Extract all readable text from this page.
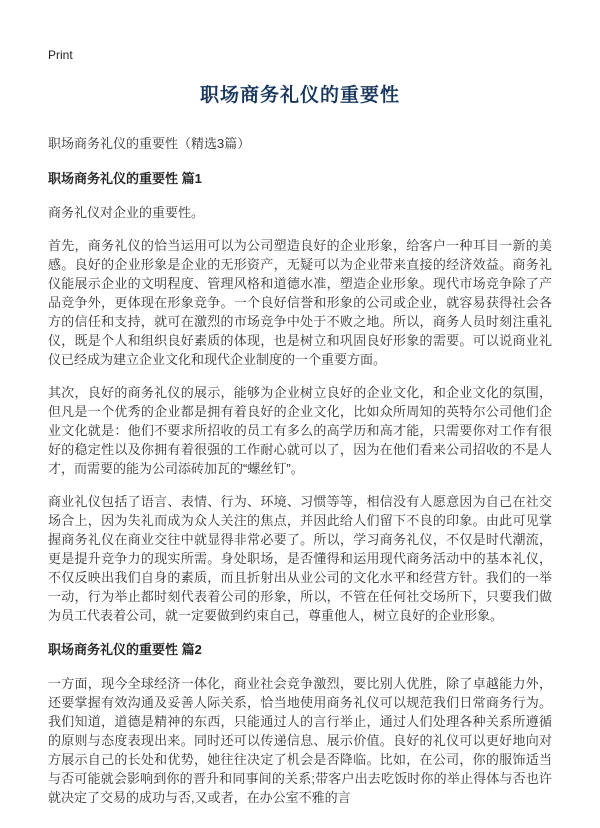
Print
职场商务礼仪的重要性

职场商务礼仪的重要性（精选3篇）

职场商务礼仪的重要性 篇1

商务礼仪对企业的重要性。

首先，商务礼仪的恰当运用可以为公司塑造良好的企业形象，给客户一种耳目一新的美感。良好的企业形象是企业的无形资产，无疑可以为企业带来直接的经济效益。商务礼仪能展示企业的文明程度、管理风格和道德水准，塑造企业形象。现代市场竞争除了产品竞争外，更体现在形象竞争。一个良好信誉和形象的公司或企业，就容易获得社会各方的信任和支持，就可在激烈的市场竞争中处于不败之地。所以，商务人员时刻注重礼仪，既是个人和组织良好素质的体现，也是树立和巩固良好形象的需要。可以说商业礼仪已经成为建立企业文化和现代企业制度的一个重要方面。

其次，良好的商务礼仪的展示，能够为企业树立良好的企业文化，和企业文化的氛围，但凡是一个优秀的企业都是拥有着良好的企业文化，比如众所周知的英特尔公司他们企业文化就是：他们不要求所招收的员工有多么的高学历和高才能，只需要你对工作有很好的稳定性以及你拥有着很强的工作耐心就可以了，因为在他们看来公司招收的不是人才，而需要的能为公司添砖加瓦的“螺丝钉”。

商业礼仪包括了语言、表情、行为、环境、习惯等等，相信没有人愿意因为自己在社交场合上，因为失礼而成为众人关注的焦点，并因此给人们留下不良的印象。由此可见掌握商务礼仪在商业交往中就显得非常必要了。所以，学习商务礼仪，不仅是时代潮流，更是提升竞争力的现实所需。身处职场，是否懂得和运用现代商务活动中的基本礼仪，不仅反映出我们自身的素质，而且折射出从业公司的文化水平和经营方针。我们的一举一动，行为举止都时刻代表着公司的形象，所以，不管在任何社交场所下，只要我们做为员工代表着公司，就一定要做到约束自己，尊重他人，树立良好的企业形象。

职场商务礼仪的重要性 篇2

一方面，现今全球经济一体化，商业社会竞争激烈，要比别人优胜，除了卓越能力外，还要掌握有效沟通及妥善人际关系，恰当地使用商务礼仪可以规范我们日常商务行为。我们知道，道德是精神的东西，只能通过人的言行举止，通过人们处理各种关系所遵循的原则与态度表现出来。同时还可以传递信息、展示价值。良好的礼仪可以更好地向对方展示自己的长处和优势，她往往决定了机会是否降临。比如，在公司，你的服饰适当与否可能就会影响到你的晋升和同事间的关系;带客户出去吃饭时你的举止得体与否也许就决定了交易的成功与否,又或者，在办公室不雅的言
